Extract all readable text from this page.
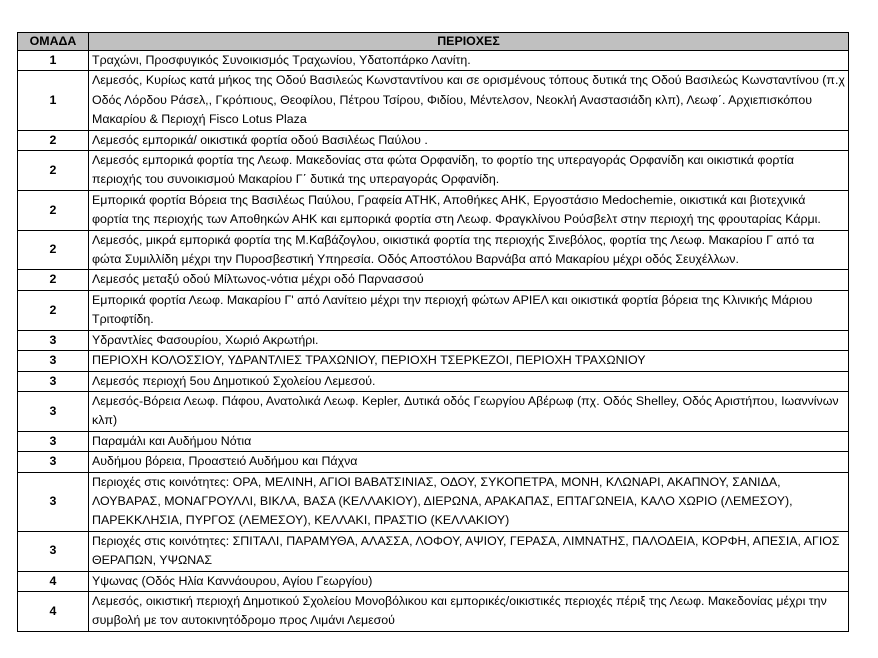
ΟΜΑΔΑ	ΠΕΡΙΟΧΕΣ
1	Τραχώνι, Προσφυγικός Συνοικισμός Τραχωνίου, Υδατοπάρκο Λανίτη.
1	Λεμεσός, Κυρίως κατά μήκος της Οδού Βασιλεώς Κωνσταντίνου και σε ορισμένους τόπους δυτικά της Οδού Βασιλεώς Κωνσταντίνου (π.χ Οδός Λόρδου Ράσελ,, Γκρόπιους, Θεοφίλου, Πέτρου Τσίρου, Φιδίου, Μέντελσον, Νεοκλή Αναστασιάδη κλπ), Λεωφ΄. Αρχιεπισκόπου Μακαρίου & Περιοχή Fisco Lotus Plaza
2	Λεμεσός εμπορικά/ οικιστικά φορτία οδού Βασιλέως Παύλου .
2	Λεμεσός εμπορικά φορτία της Λεωφ. Μακεδονίας στα φώτα Ορφανίδη, το φορτίο της υπεραγοράς Ορφανίδη και οικιστικά φορτία περιοχής του συνοικισμού Μακαρίου Γ΄ δυτικά της υπεραγοράς Ορφανίδη.
2	Εμπορικά φορτία Βόρεια της Βασιλέως Παύλου, Γραφεία ΑΤΗΚ, Αποθήκες ΑΗΚ, Εργοστάσιο Medochemie, οικιστικά και βιοτεχνικά φορτία της περιοχής των Αποθηκών ΑΗΚ και εμπορικά φορτία στη Λεωφ. Φραγκλίνου Ρούσβελτ στην περιοχή της φρουταρίας Κάρμι.
2	Λεμεσός, μικρά εμπορικά φορτία της Μ.Καβάζογλου, οικιστικά φορτία της περιοχής Σινεβόλος, φορτία της Λεωφ. Μακαρίου Γ από τα φώτα Συμιλλίδη μέχρι την Πυροσβεστική Υπηρεσία. Οδός Αποστόλου Βαρνάβα από Μακαρίου μέχρι οδός Σευχέλλων.
2	Λεμεσός μεταξύ οδού Μίλτωνος-νότια μέχρι οδό Παρνασσού
2	Εμπορικά φορτία Λεωφ. Μακαρίου Γ' από Λανίτειο μέχρι την περιοχή φώτων ΑΡΙΕΛ και οικιστικά φορτία βόρεια της Κλινικής Μάριου Τριτοφτίδη.
3	Υδραντλίες Φασουρίου, Χωριό Ακρωτήρι.
3	ΠΕΡΙΟΧΗ ΚΟΛΟΣΣΙΟΥ, ΥΔΡΑΝΤΛΙΕΣ ΤΡΑΧΩΝΙΟΥ, ΠΕΡΙΟΧΗ ΤΣΕΡΚΕΖΟΙ, ΠΕΡΙΟΧΗ ΤΡΑΧΩΝΙΟΥ
3	Λεμεσός περιοχή 5ου Δημοτικού Σχολείου Λεμεσού.
3	Λεμεσός-Βόρεια Λεωφ. Πάφου, Ανατολικά Λεωφ. Kepler, Δυτικά οδός Γεωργίου Αβέρωφ (πχ. Οδός Shelley, Οδός Αριστήπου, Ιωαννίνων κλπ)
3	Παραμάλι και Αυδήμου Νότια
3	Αυδήμου βόρεια, Προαστειό Αυδήμου και Πάχνα
3	Περιοχές στις κοινότητες: ΟΡΑ, ΜΕΛΙΝΗ, ΑΓΙΟΙ ΒΑΒΑΤΣΙΝΙΑΣ, ΟΔΟΥ, ΣΥΚΟΠΕΤΡΑ, ΜΟΝΗ, ΚΛΩΝΑΡΙ, ΑΚΑΠΝΟΥ, ΣΑΝΙΔΑ, ΛΟΥΒΑΡΑΣ, ΜΟΝΑΓΡΟΥΛΛΙ, ΒΙΚΛΑ, ΒΑΣΑ (ΚΕΛΛΑΚΙΟΥ), ΔΙΕΡΩΝΑ, ΑΡΑΚΑΠΑΣ, ΕΠΤΑΓΩΝΕΙΑ, ΚΑΛΟ ΧΩΡΙΟ (ΛΕΜΕΣΟΥ), ΠΑΡΕΚΚΛΗΣΙΑ, ΠΥΡΓΟΣ (ΛΕΜΕΣΟΥ), ΚΕΛΛΑΚΙ, ΠΡΑΣΤΙΟ (ΚΕΛΛΑΚΙΟΥ)
3	Περιοχές στις κοινότητες: ΣΠΙΤΑΛΙ, ΠΑΡΑΜΥΘΑ, ΑΛΑΣΣΑ, ΛΟΦΟΥ, ΑΨΙΟΥ, ΓΕΡΑΣΑ, ΛΙΜΝΑΤΗΣ, ΠΑΛΟΔΕΙΑ, ΚΟΡΦΗ, ΑΠΕΣΙΑ, ΑΓΙΟΣ ΘΕΡΑΠΩΝ, ΥΨΩΝΑΣ
4	Υψωνας (Οδός Ηλία Καννάουρου, Αγίου Γεωργίου)
4	Λεμεσός, οικιστική περιοχή Δημοτικού Σχολείου Μονοβόλικου και εμπορικές/οικιστικές περιοχές πέριξ της Λεωφ. Μακεδονίας μέχρι την συμβολή με τον αυτοκινητόδρομο προς Λιμάνι Λεμεσού
